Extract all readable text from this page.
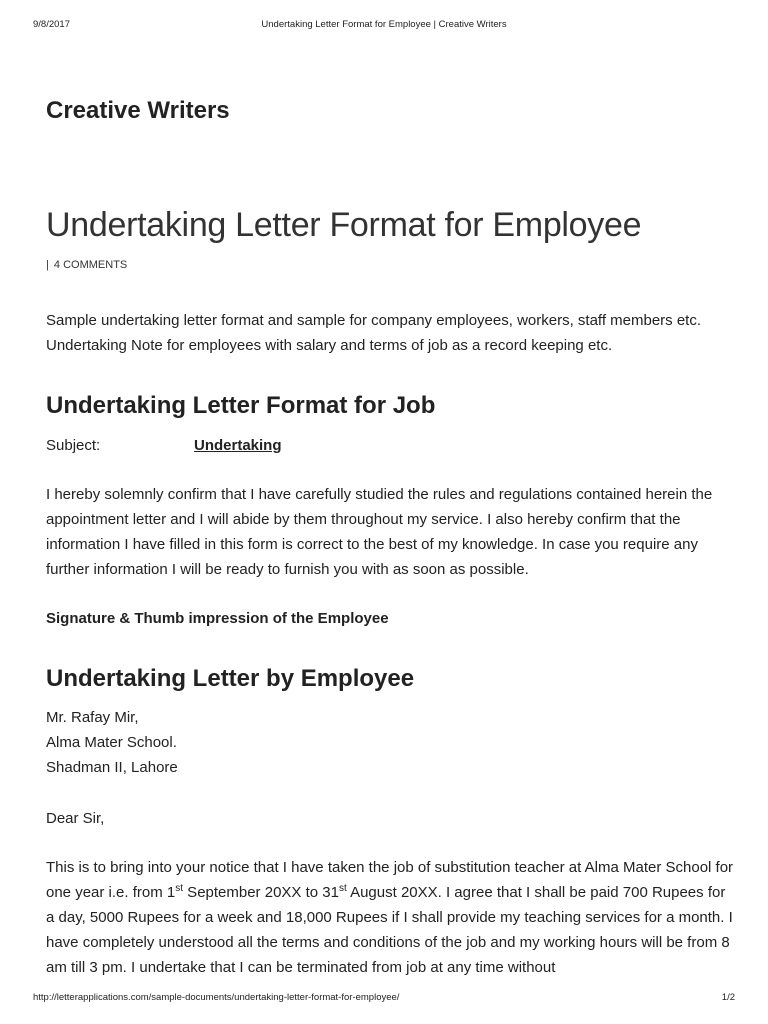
9/8/2017	Undertaking Letter Format for Employee | Creative Writers
Creative Writers
Undertaking Letter Format for Employee
| 4 COMMENTS

Sample undertaking letter format and sample for company employees, workers, staff members etc. Undertaking Note for employees with salary and terms of job as a record keeping etc.

Undertaking Letter Format for Job
Subject:	Undertaking

I hereby solemnly confirm that I have carefully studied the rules and regulations contained herein the appointment letter and I will abide by them throughout my service. I also hereby confirm that the information I have filled in this form is correct to the best of my knowledge. In case you require any further information I will be ready to furnish you with as soon as possible.

Signature & Thumb impression of the Employee

Undertaking Letter by Employee

Mr. Rafay Mir,
Alma Mater School.
Shadman II, Lahore

Dear Sir,

This is to bring into your notice that I have taken the job of substitution teacher at Alma Mater School for one year i.e. from 1st September 20XX to 31st August 20XX. I agree that I shall be paid 700 Rupees for a day, 5000 Rupees for a week and 18,000 Rupees if I shall provide my teaching services for a month. I have completely understood all the terms and conditions of the job and my working hours will be from 8 am till 3 pm. I undertake that I can be terminated from job at any time without

http://letterapplications.com/sample-documents/undertaking-letter-format-for-employee/	1/2
